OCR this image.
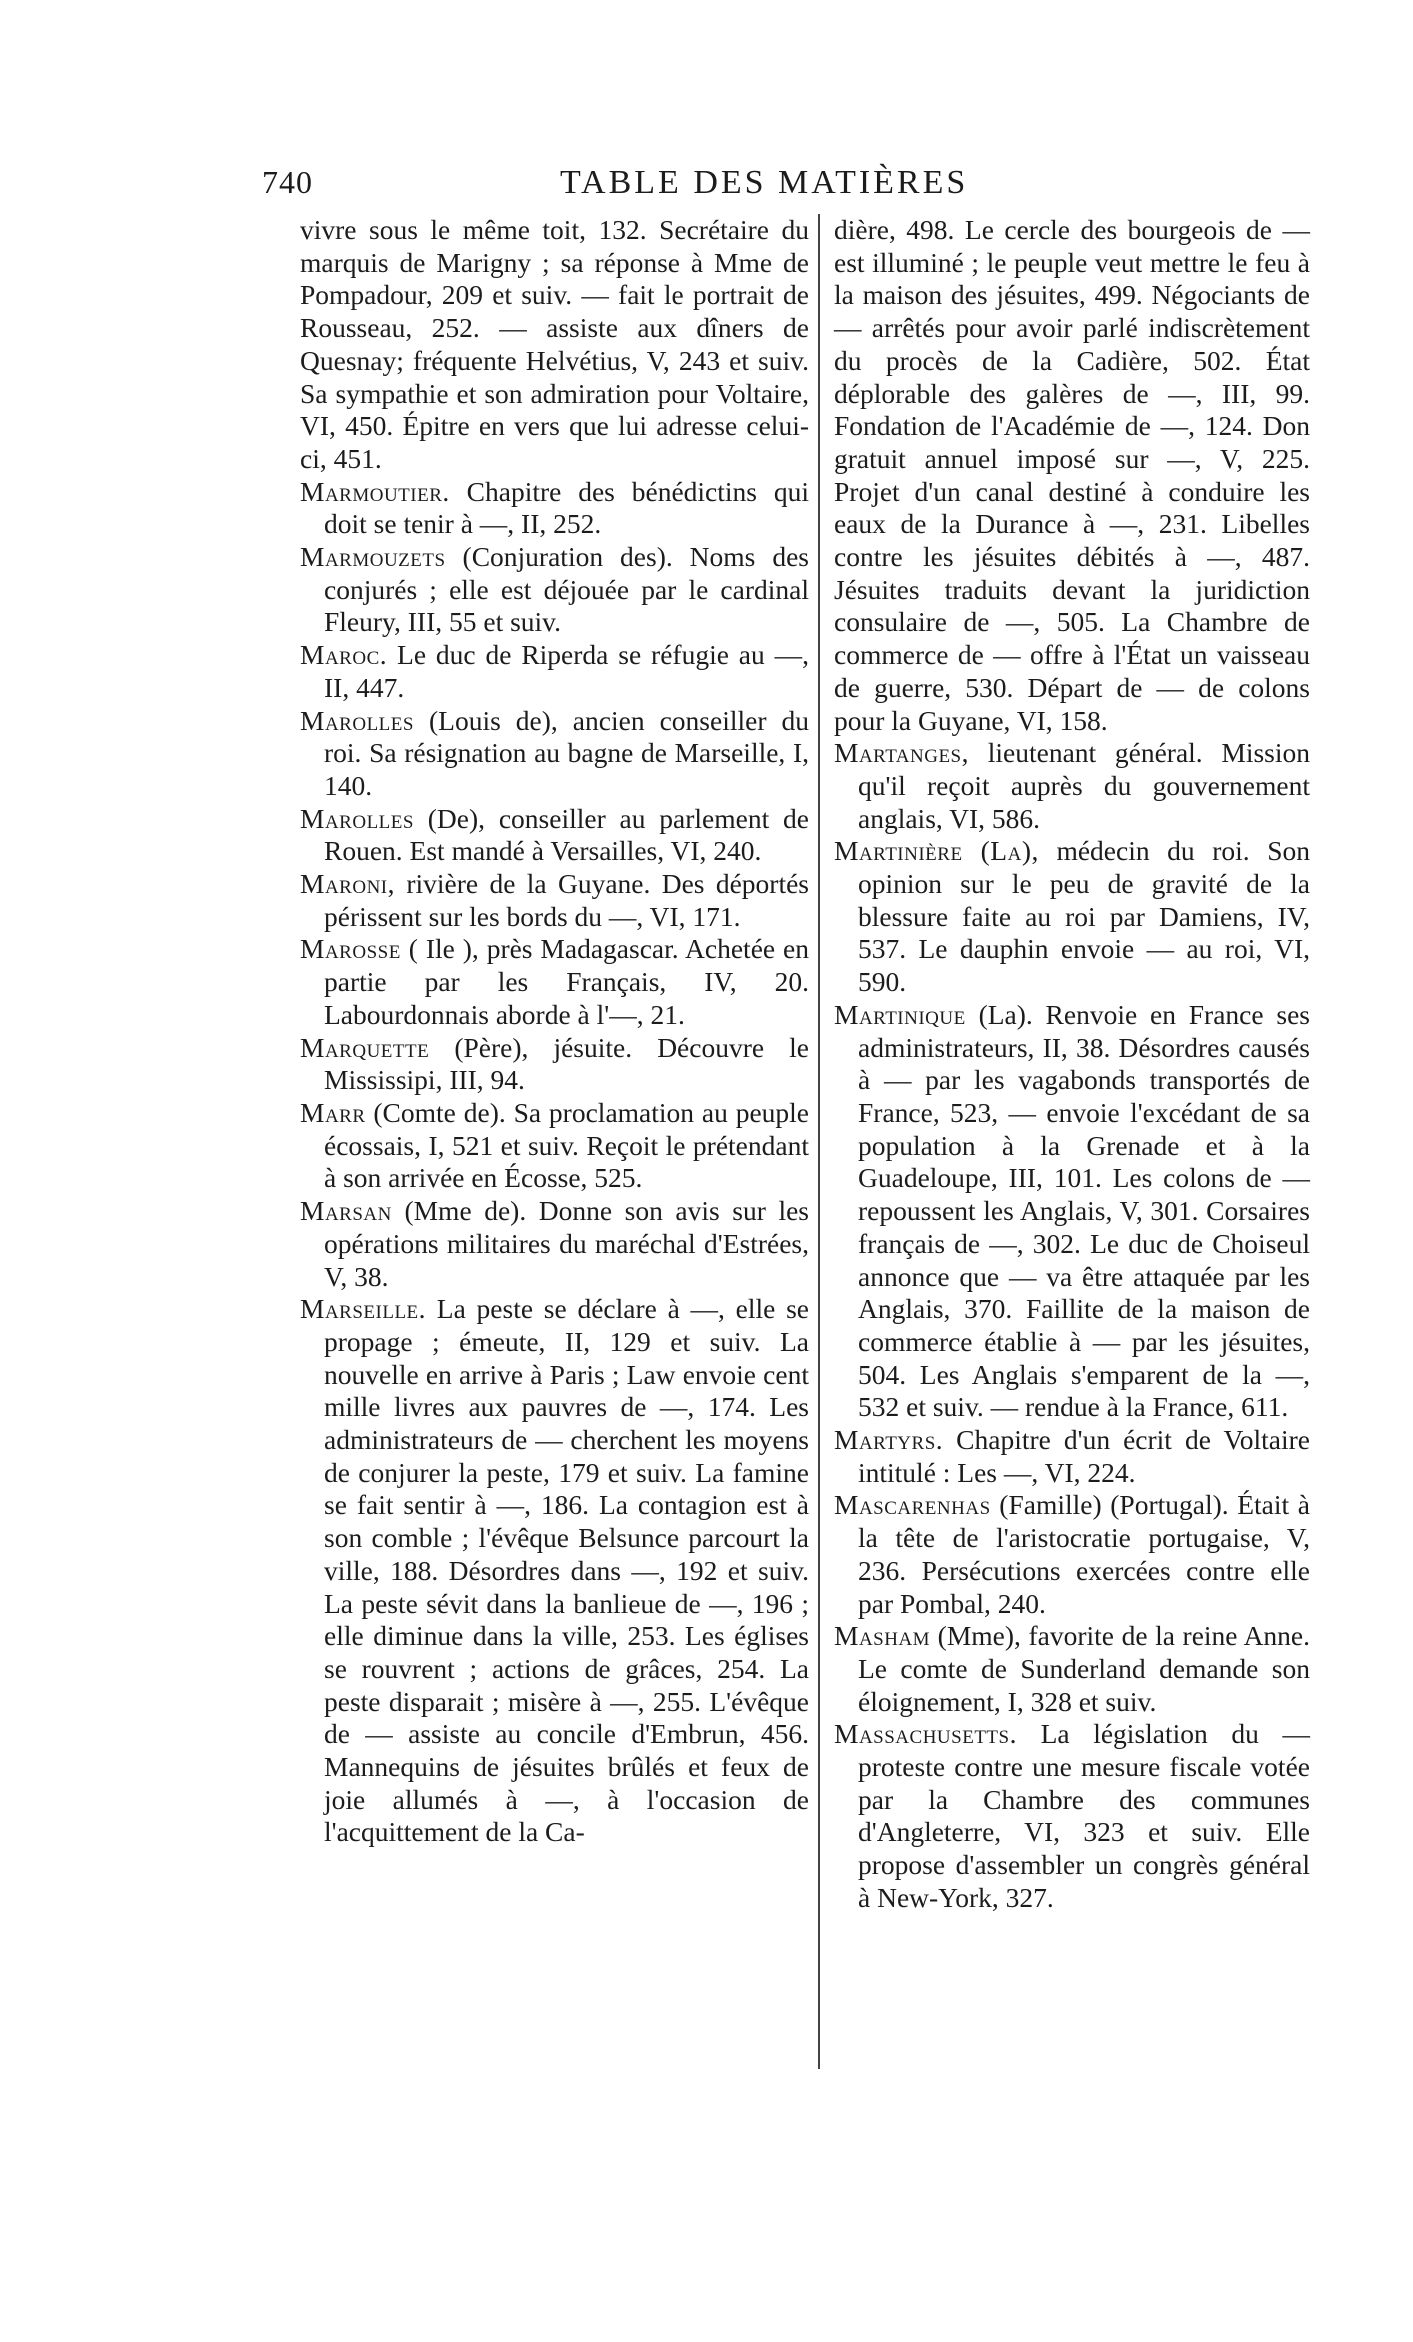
740	TABLE DES MATIÈRES

vivre sous le même toit, 132. Secrétaire du marquis de Marigny ; sa réponse à Mme de Pompadour, 209 et suiv. — fait le portrait de Rousseau, 252. — assiste aux dîners de Quesnay; fréquente Helvétius, V, 243 et suiv. Sa sympathie et son admiration pour Voltaire, VI, 450. Épitre en vers que lui adresse celui-ci, 451.

Marmoutier. Chapitre des bénédictins qui doit se tenir à —, II, 252.

Marmouzets (Conjuration des). Noms des conjurés ; elle est déjouée par le cardinal Fleury, III, 55 et suiv.

Maroc. Le duc de Riperda se réfugie au —, II, 447.

Marolles (Louis de), ancien conseiller du roi. Sa résignation au bagne de Marseille, I, 140.

Marolles (De), conseiller au parlement de Rouen. Est mandé à Versailles, VI, 240.

Maroni, rivière de la Guyane. Des déportés périssent sur les bords du —, VI, 171.

Marosse ( Ile ), près Madagascar. Achetée en partie par les Français, IV, 20. Labourdonnais aborde à l'—, 21.

Marquette (Père), jésuite. Découvre le Mississipi, III, 94.

Marr (Comte de). Sa proclamation au peuple écossais, I, 521 et suiv. Reçoit le prétendant à son arrivée en Écosse, 525.

Marsan (Mme de). Donne son avis sur les opérations militaires du maréchal d'Estrées, V, 38.

Marseille. La peste se déclare à —, elle se propage ; émeute, II, 129 et suiv. La nouvelle en arrive à Paris ; Law envoie cent mille livres aux pauvres de —, 174. Les administrateurs de — cherchent les moyens de conjurer la peste, 179 et suiv. La famine se fait sentir à —, 186. La contagion est à son comble ; l'évêque Belsunce parcourt la ville, 188. Désordres dans —, 192 et suiv. La peste sévit dans la banlieue de —, 196 ; elle diminue dans la ville, 253. Les églises se rouvrent ; actions de grâces, 254. La peste disparait ; misère à —, 255. L'évêque de — assiste au concile d'Embrun, 456. Mannequins de jésuites brûlés et feux de joie allumés à —, à l'occasion de l'acquittement de la Ca-

dière, 498. Le cercle des bourgeois de — est illuminé ; le peuple veut mettre le feu à la maison des jésuites, 499. Négociants de — arrêtés pour avoir parlé indiscrètement du procès de la Cadière, 502. État déplorable des galères de —, III, 99. Fondation de l'Académie de —, 124. Don gratuit annuel imposé sur —, V, 225. Projet d'un canal destiné à conduire les eaux de la Durance à —, 231. Libelles contre les jésuites débités à —, 487. Jésuites traduits devant la juridiction consulaire de —, 505. La Chambre de commerce de — offre à l'État un vaisseau de guerre, 530. Départ de — de colons pour la Guyane, VI, 158.

Martanges, lieutenant général. Mission qu'il reçoit auprès du gouvernement anglais, VI, 586.

Martinière (La), médecin du roi. Son opinion sur le peu de gravité de la blessure faite au roi par Damiens, IV, 537. Le dauphin envoie — au roi, VI, 590.

Martinique (La). Renvoie en France ses administrateurs, II, 38. Désordres causés à — par les vagabonds transportés de France, 523, — envoie l'excédant de sa population à la Grenade et à la Guadeloupe, III, 101. Les colons de — repoussent les Anglais, V, 301. Corsaires français de —, 302. Le duc de Choiseul annonce que — va être attaquée par les Anglais, 370. Faillite de la maison de commerce établie à — par les jésuites, 504. Les Anglais s'emparent de la —, 532 et suiv. — rendue à la France, 611.

Martyrs. Chapitre d'un écrit de Voltaire intitulé : Les —, VI, 224.

Mascarenhas (Famille) (Portugal). Était à la tête de l'aristocratie portugaise, V, 236. Persécutions exercées contre elle par Pombal, 240.

Masham (Mme), favorite de la reine Anne. Le comte de Sunderland demande son éloignement, I, 328 et suiv.

Massachusetts. La législation du — proteste contre une mesure fiscale votée par la Chambre des communes d'Angleterre, VI, 323 et suiv. Elle propose d'assembler un congrès général à New-York, 327.
